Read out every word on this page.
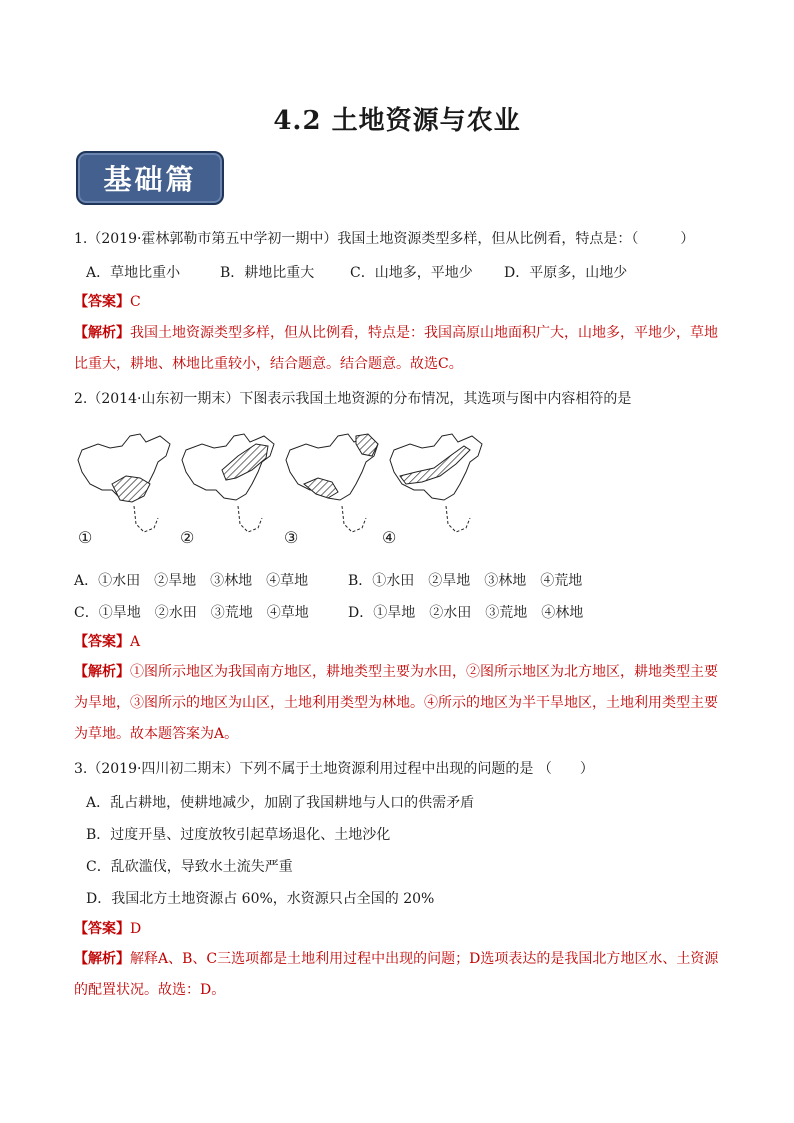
4.2 土地资源与农业
基础篇
1.（2019·霍林郭勒市第五中学初一期中）我国土地资源类型多样，但从比例看，特点是：（　　　）
A．草地比重小	B．耕地比重大	C．山地多，平地少 D．平原多，山地少
【答案】C
【解析】我国土地资源类型多样，但从比例看，特点是：我国高原山地面积广大，山地多，平地少，草地
比重大，耕地、林地比重较小，结合题意。结合题意。故选C。
2.（2014·山东初一期末）下图表示我国土地资源的分布情况，其选项与图中内容相符的是
①	②	③	④
A．①水田　②旱地　③林地　④草地	B．①水田　②旱地　③林地　④荒地
C．①旱地　②水田　③荒地　④草地	D．①旱地　②水田　③荒地　④林地
【答案】A
【解析】①图所示地区为我国南方地区，耕地类型主要为水田，②图所示地区为北方地区，耕地类型主要
为旱地，③图所示的地区为山区，土地利用类型为林地。④所示的地区为半干旱地区，土地利用类型主要
为草地。故本题答案为A。
3.（2019·四川初二期末）下列不属于土地资源利用过程中出现的问题的是 （　　）
A．乱占耕地，使耕地减少，加剧了我国耕地与人口的供需矛盾
B．过度开垦、过度放牧引起草场退化、土地沙化
C．乱砍滥伐，导致水土流失严重
D．我国北方土地资源占 60%，水资源只占全国的 20%
【答案】D
【解析】解释A、B、C三选项都是土地利用过程中出现的问题；D选项表达的是我国北方地区水、土资源
的配置状况。故选：D。
